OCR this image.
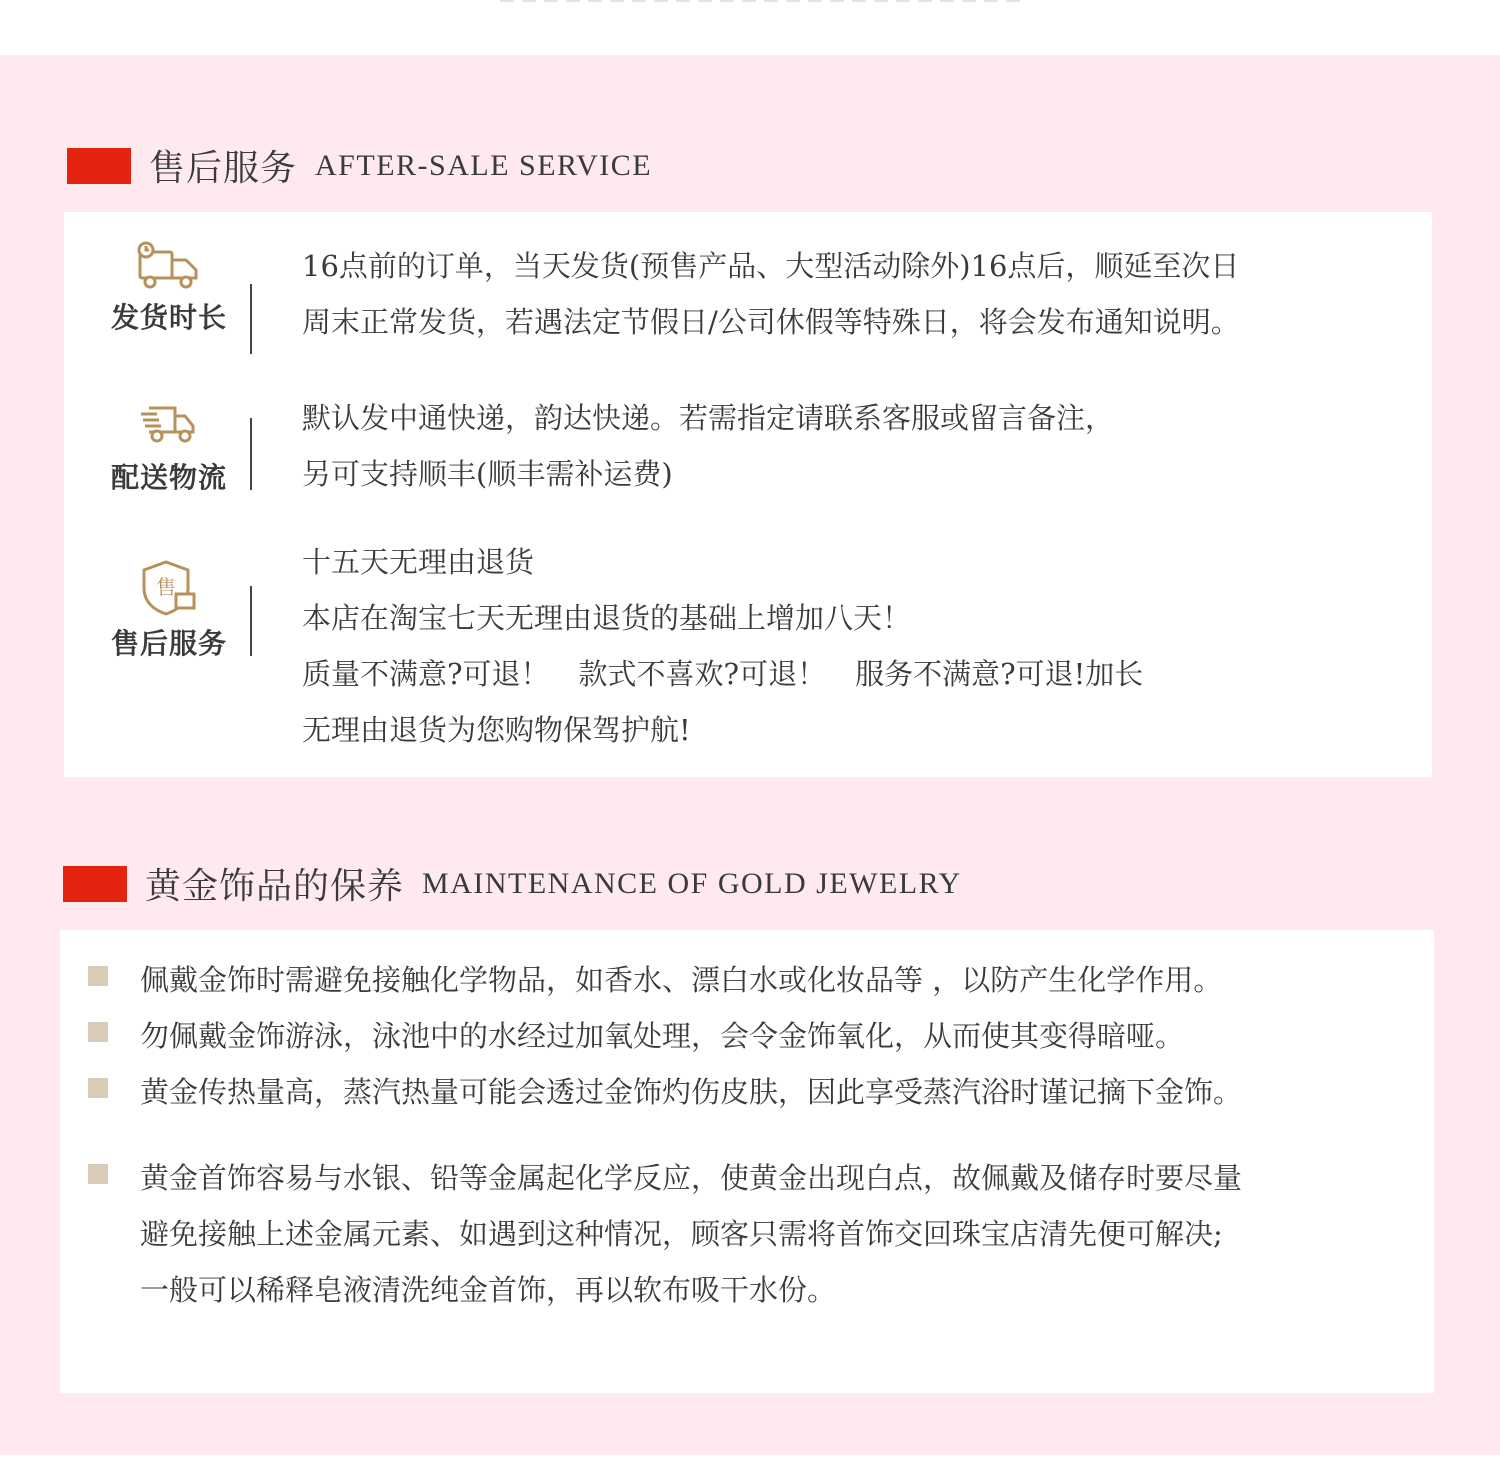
售后服务 AFTER-SALE SERVICE
发货时长
16点前的订单，当天发货(预售产品、大型活动除外)16点后，顺延至次日
周末正常发货，若遇法定节假日/公司休假等特殊日，将会发布通知说明。
配送物流
默认发中通快递，韵达快递。若需指定请联系客服或留言备注，
另可支持顺丰(顺丰需补运费)
售
售后服务
十五天无理由退货
本店在淘宝七天无理由退货的基础上增加八天！
质量不满意?可退！　款式不喜欢?可退！　服务不满意?可退!加长
无理由退货为您购物保驾护航!
黄金饰品的保养 MAINTENANCE OF GOLD JEWELRY
佩戴金饰时需避免接触化学物品，如香水、漂白水或化妆品等 ，以防产生化学作用。
勿佩戴金饰游泳，泳池中的水经过加氧处理，会令金饰氧化，从而使其变得暗哑。
黄金传热量高，蒸汽热量可能会透过金饰灼伤皮肤，因此享受蒸汽浴时谨记摘下金饰。
黄金首饰容易与水银、铅等金属起化学反应，使黄金出现白点，故佩戴及储存时要尽量
避免接触上述金属元素、如遇到这种情况，顾客只需将首饰交回珠宝店清先便可解决;
一般可以稀释皂液清洗纯金首饰，再以软布吸干水份。
